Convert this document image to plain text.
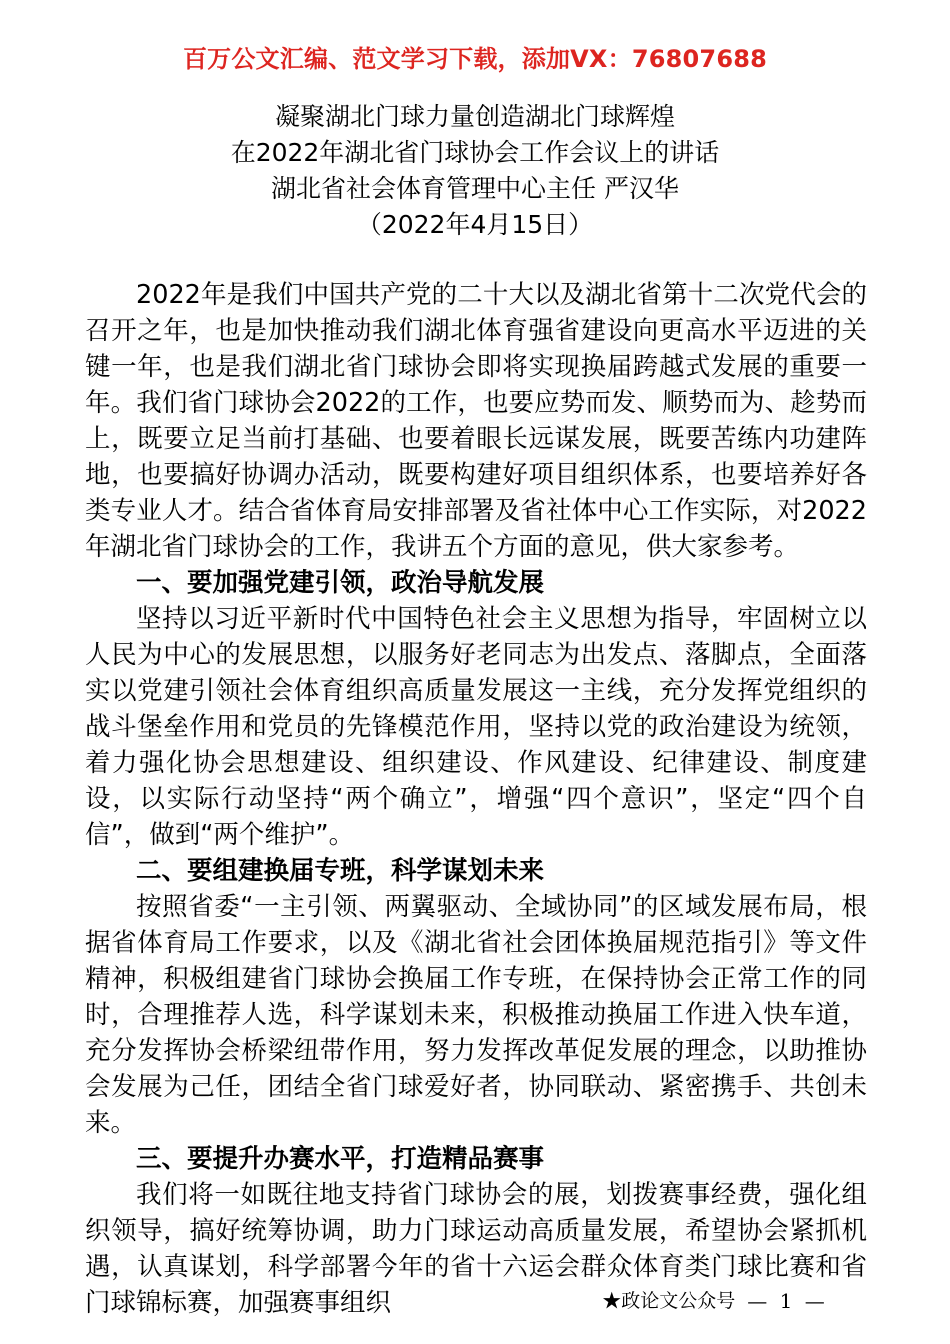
百万公文汇编、范文学习下载，添加VX：76807688
凝聚湖北门球力量创造湖北门球辉煌
在2022年湖北省门球协会工作会议上的讲话
湖北省社会体育管理中心主任 严汉华
（2022年4月15日）

2022年是我们中国共产党的二十大以及湖北省第十二次党代会的召开之年，也是加快推动我们湖北体育强省建设向更高水平迈进的关键一年，也是我们湖北省门球协会即将实现换届跨越式发展的重要一年。我们省门球协会2022的工作，也要应势而发、顺势而为、趁势而上，既要立足当前打基础、也要着眼长远谋发展，既要苦练内功建阵地，也要搞好协调办活动，既要构建好项目组织体系，也要培养好各类专业人才。结合省体育局安排部署及省社体中心工作实际，对2022年湖北省门球协会的工作，我讲五个方面的意见，供大家参考。

一、要加强党建引领，政治导航发展

坚持以习近平新时代中国特色社会主义思想为指导，牢固树立以人民为中心的发展思想，以服务好老同志为出发点、落脚点，全面落实以党建引领社会体育组织高质量发展这一主线，充分发挥党组织的战斗堡垒作用和党员的先锋模范作用，坚持以党的政治建设为统领，着力强化协会思想建设、组织建设、作风建设、纪律建设、制度建设，以实际行动坚持“两个确立”，增强“四个意识”，坚定“四个自信”，做到“两个维护”。

二、要组建换届专班，科学谋划未来

按照省委“一主引领、两翼驱动、全域协同”的区域发展布局，根据省体育局工作要求，以及《湖北省社会团体换届规范指引》等文件精神，积极组建省门球协会换届工作专班，在保持协会正常工作的同时，合理推荐人选，科学谋划未来，积极推动换届工作进入快车道，充分发挥协会桥梁纽带作用，努力发挥改革促发展的理念，以助推协会发展为己任，团结全省门球爱好者，协同联动、紧密携手、共创未来。

三、要提升办赛水平，打造精品赛事

我们将一如既往地支持省门球协会的展，划拨赛事经费，强化组织领导，搞好统筹协调，助力门球运动高质量发展，希望协会紧抓机遇，认真谋划，科学部署今年的省十六运会群众体育类门球比赛和省门球锦标赛，加强赛事组织	★政论文公众号 — 1 —
